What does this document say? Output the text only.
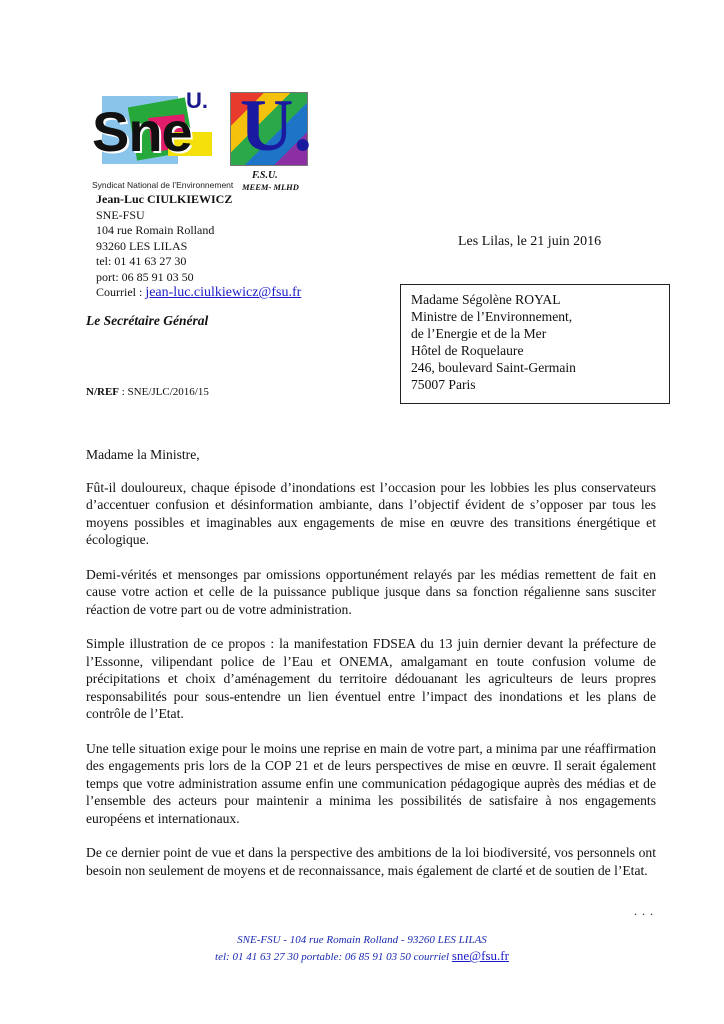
Sne
U.
Syndicat National de l’Environnement
U.
F.S.U.
MEEM- MLHD
Jean-Luc CIULKIEWICZ
SNE-FSU
104 rue Romain Rolland
93260 LES LILAS
tel: 01 41 63 27 30
port: 06 85 91 03 50
Courriel : jean-luc.ciulkiewicz@fsu.fr
Le Secrétaire Général
N/REF : SNE/JLC/2016/15
Les Lilas, le 21 juin 2016
Madame Ségolène ROYAL
Ministre de l’Environnement,
de l’Energie et de la Mer
Hôtel de Roquelaure
246, boulevard Saint-Germain
75007 Paris

Madame la Ministre,

Fût-il douloureux, chaque épisode d’inondations est l’occasion pour les lobbies les plus conservateurs d’accentuer confusion et désinformation ambiante, dans l’objectif évident de s’opposer par tous les moyens possibles et imaginables aux engagements de mise en œuvre des transitions énergétique et écologique.

Demi-vérités et mensonges par omissions opportunément relayés par les médias remettent de fait en cause votre action et celle de la puissance publique jusque dans sa fonction régalienne sans susciter réaction de votre part ou de votre administration.

Simple illustration de ce propos : la manifestation FDSEA du 13 juin dernier devant la préfecture de l’Essonne, vilipendant police de l’Eau et ONEMA, amalgamant en toute confusion volume de précipitations et choix d’aménagement du territoire dédouanant les agriculteurs de leurs propres responsabilités pour sous-entendre un lien éventuel entre l’impact des inondations et les plans de contrôle de l’Etat.

Une telle situation exige pour le moins une reprise en main de votre part, a minima par une réaffirmation des engagements pris lors de la COP 21 et de leurs perspectives de mise en œuvre. Il serait également temps que votre administration assume enfin une communication pédagogique auprès des médias et de l’ensemble des acteurs pour maintenir a minima les possibilités de satisfaire à nos engagements européens et internationaux.

De ce dernier point de vue et dans la perspective des ambitions de la loi biodiversité, vos personnels ont besoin non seulement de moyens et de reconnaissance, mais également de clarté et de soutien de l’Etat.

. . .
SNE-FSU - 104 rue Romain Rolland - 93260 LES LILAS
tel: 01 41 63 27 30 portable: 06 85 91 03 50 courriel sne@fsu.fr
